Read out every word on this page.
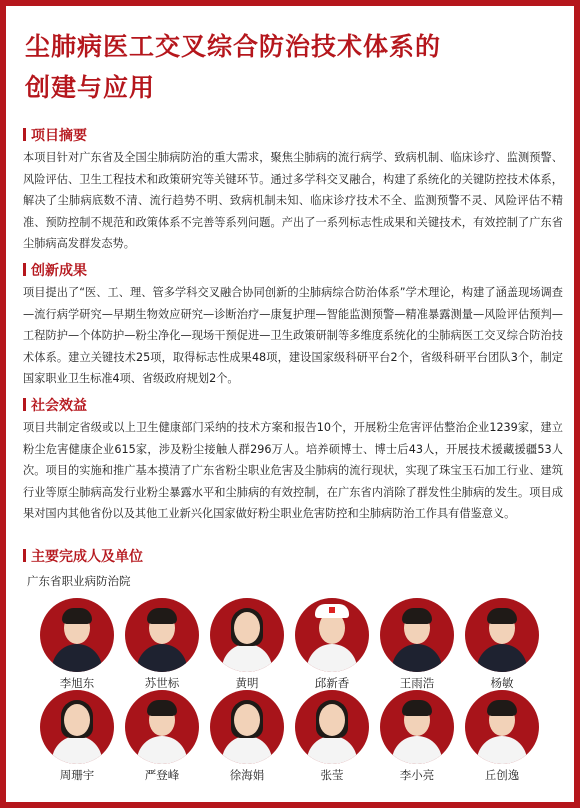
尘肺病医工交叉综合防治技术体系的
创建与应用
项目摘要
本项目针对广东省及全国尘肺病防治的重大需求，聚焦尘肺病的流行病学、致病机制、临床诊疗、监测预警、风险评估、卫生工程技术和政策研究等关键环节。通过多学科交叉融合，构建了系统化的关键防控技术体系，解决了尘肺病底数不清、流行趋势不明、致病机制未知、临床诊疗技术不全、监测预警不灵、风险评估不精准、预防控制不规范和政策体系不完善等系列问题。产出了一系列标志性成果和关键技术，有效控制了广东省尘肺病高发群发态势。
创新成果
项目提出了“医、工、理、管多学科交叉融合协同创新的尘肺病综合防治体系”学术理论，构建了涵盖现场调查—流行病学研究—早期生物效应研究—诊断治疗—康复护理—智能监测预警—精准暴露测量—风险评估预判—工程防护—个体防护—粉尘净化—现场干预促进—卫生政策研制等多维度系统化的尘肺病医工交叉综合防治技术体系。建立关键技术25项，取得标志性成果48项，建设国家级科研平台2个，省级科研平台团队3个，制定国家职业卫生标准4项、省级政府规划2个。
社会效益
项目共制定省级或以上卫生健康部门采纳的技术方案和报告10个，开展粉尘危害评估整治企业1239家，建立粉尘危害健康企业615家，涉及粉尘接触人群296万人。培养硕博士、博士后43人，开展技术援藏援疆53人次。项目的实施和推广基本摸清了广东省粉尘职业危害及尘肺病的流行现状，实现了珠宝玉石加工行业、建筑行业等原尘肺病高发行业粉尘暴露水平和尘肺病的有效控制，在广东省内消除了群发性尘肺病的发生。项目成果对国内其他省份以及其他工业新兴化国家做好粉尘职业危害防控和尘肺病防治工作具有借鉴意义。
主要完成人及单位
广东省职业病防治院
李旭东	苏世标	黄明	邱新香	王雨浩	杨敏
周珊宇	严登峰	徐海娟	张莹	李小亮	丘创逸
